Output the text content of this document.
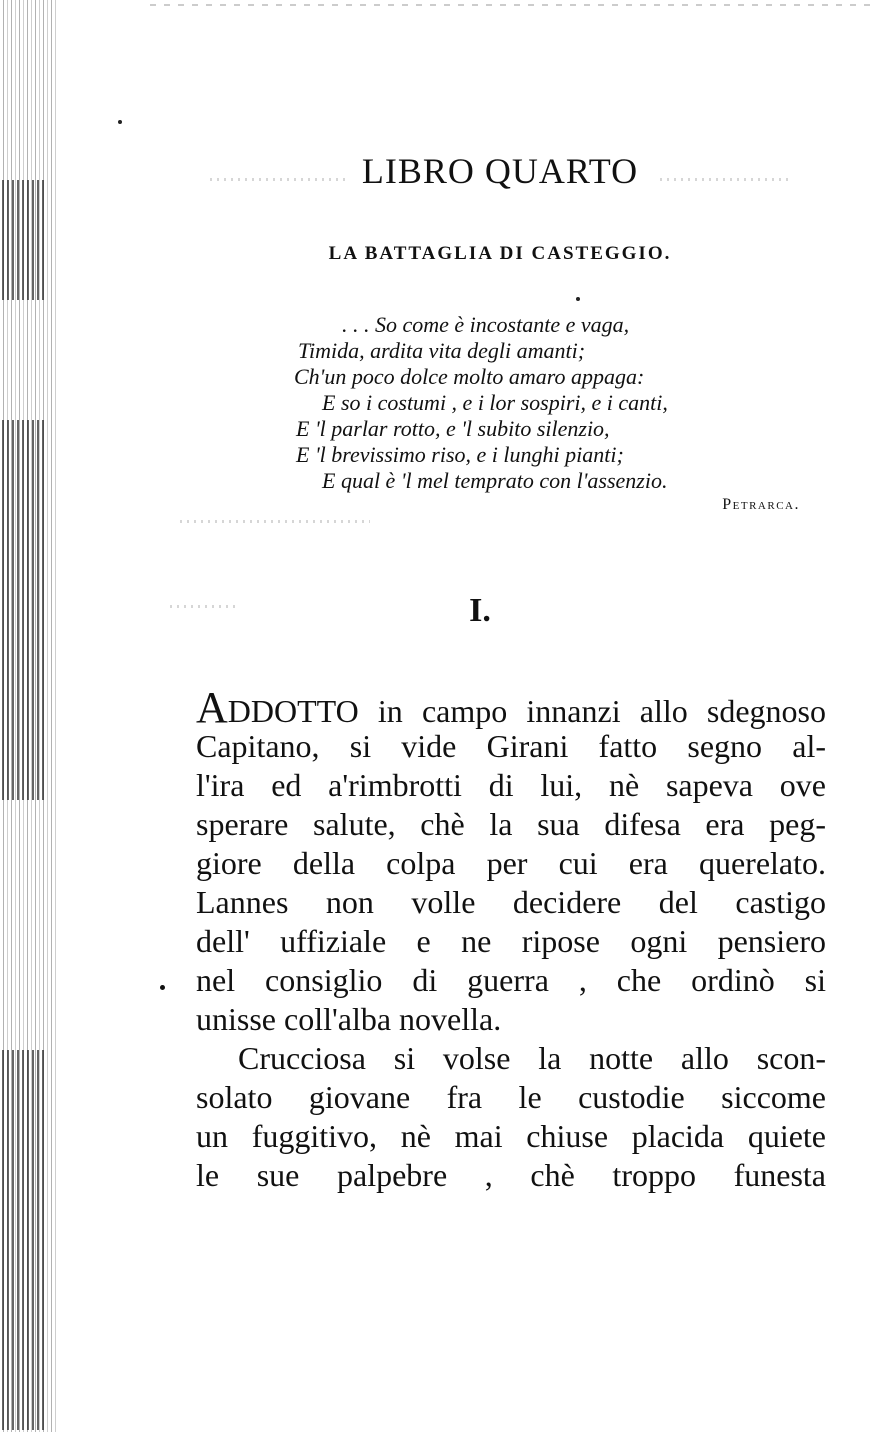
LIBRO QUARTO
LA BATTAGLIA DI CASTEGGIO.
. . . So come è incostante e vaga,
Timida, ardita vita degli amanti;
Ch'un poco dolce molto amaro appaga:
E so i costumi , e i lor sospiri, e i canti,
E 'l parlar rotto, e 'l subito silenzio,
E 'l brevissimo riso, e i lunghi pianti;
E qual è 'l mel temprato con l'assenzio.
Petrarca.
I.
ADDOTTO in campo innanzi allo sdegnoso
Capitano, si vide Girani fatto segno al-
l'ira ed a'rimbrotti di lui, nè sapeva ove
sperare salute, chè la sua difesa era peg-
giore della colpa per cui era querelato.
Lannes non volle decidere del castigo
dell' uffiziale e ne ripose ogni pensiero
nel consiglio di guerra , che ordinò si
unisse coll'alba novella.
Crucciosa si volse la notte allo scon-
solato giovane fra le custodie siccome
un fuggitivo, nè mai chiuse placida quiete
le sue palpebre , chè troppo funesta
